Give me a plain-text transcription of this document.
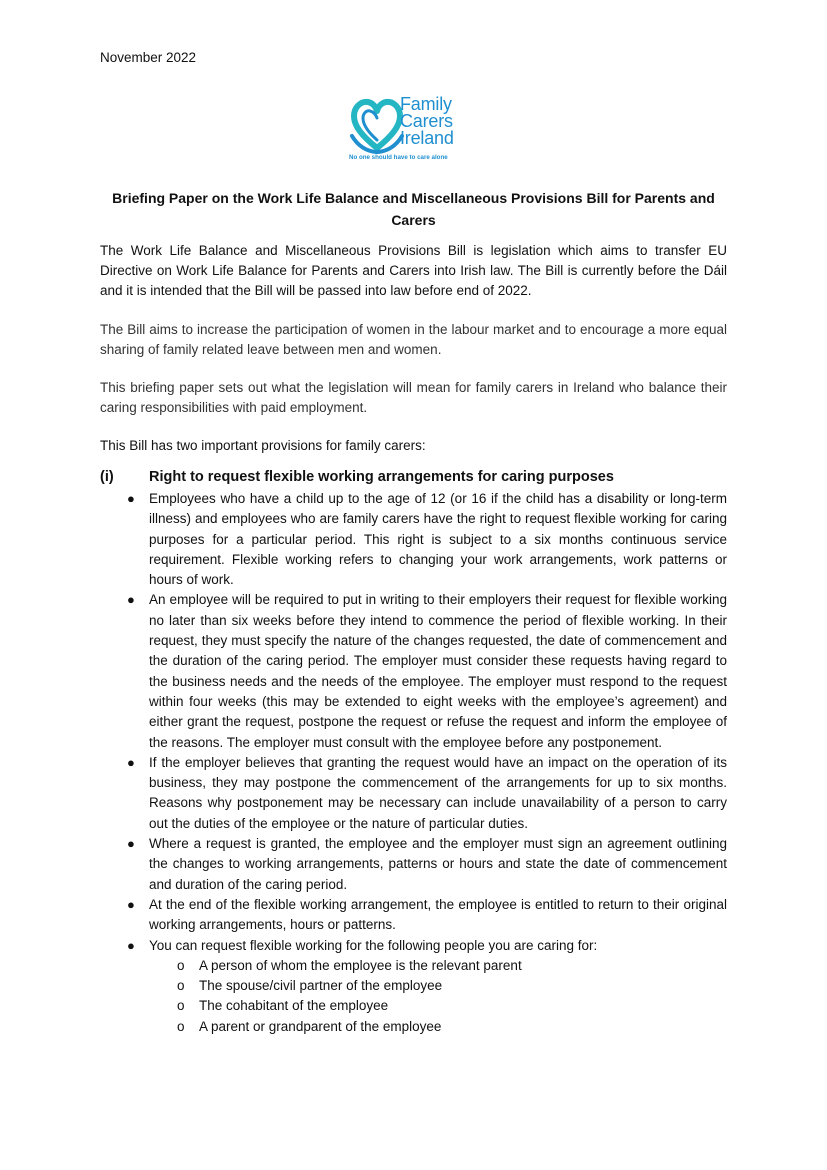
November 2022
Family
Carers
Ireland
No one should have to care alone
Briefing Paper on the Work Life Balance and Miscellaneous Provisions Bill for Parents and Carers
The Work Life Balance and Miscellaneous Provisions Bill is legislation which aims to transfer EU Directive on Work Life Balance for Parents and Carers into Irish law. The Bill is currently before the Dáil and it is intended that the Bill will be passed into law before end of 2022.
The Bill aims to increase the participation of women in the labour market and to encourage a more equal sharing of family related leave between men and women.
This briefing paper sets out what the legislation will mean for family carers in Ireland who balance their caring responsibilities with paid employment.
This Bill has two important provisions for family carers:
(i) Right to request flexible working arrangements for caring purposes
● Employees who have a child up to the age of 12 (or 16 if the child has a disability or long-term illness) and employees who are family carers have the right to request flexible working for caring purposes for a particular period. This right is subject to a six months continuous service requirement. Flexible working refers to changing your work arrangements, work patterns or hours of work.
● An employee will be required to put in writing to their employers their request for flexible working no later than six weeks before they intend to commence the period of flexible working. In their request, they must specify the nature of the changes requested, the date of commencement and the duration of the caring period. The employer must consider these requests having regard to the business needs and the needs of the employee. The employer must respond to the request within four weeks (this may be extended to eight weeks with the employee’s agreement) and either grant the request, postpone the request or refuse the request and inform the employee of the reasons. The employer must consult with the employee before any postponement.
● If the employer believes that granting the request would have an impact on the operation of its business, they may postpone the commencement of the arrangements for up to six months. Reasons why postponement may be necessary can include unavailability of a person to carry out the duties of the employee or the nature of particular duties.
● Where a request is granted, the employee and the employer must sign an agreement outlining the changes to working arrangements, patterns or hours and state the date of commencement and duration of the caring period.
● At the end of the flexible working arrangement, the employee is entitled to return to their original working arrangements, hours or patterns.
● You can request flexible working for the following people you are caring for:
o A person of whom the employee is the relevant parent
o The spouse/civil partner of the employee
o The cohabitant of the employee
o A parent or grandparent of the employee
